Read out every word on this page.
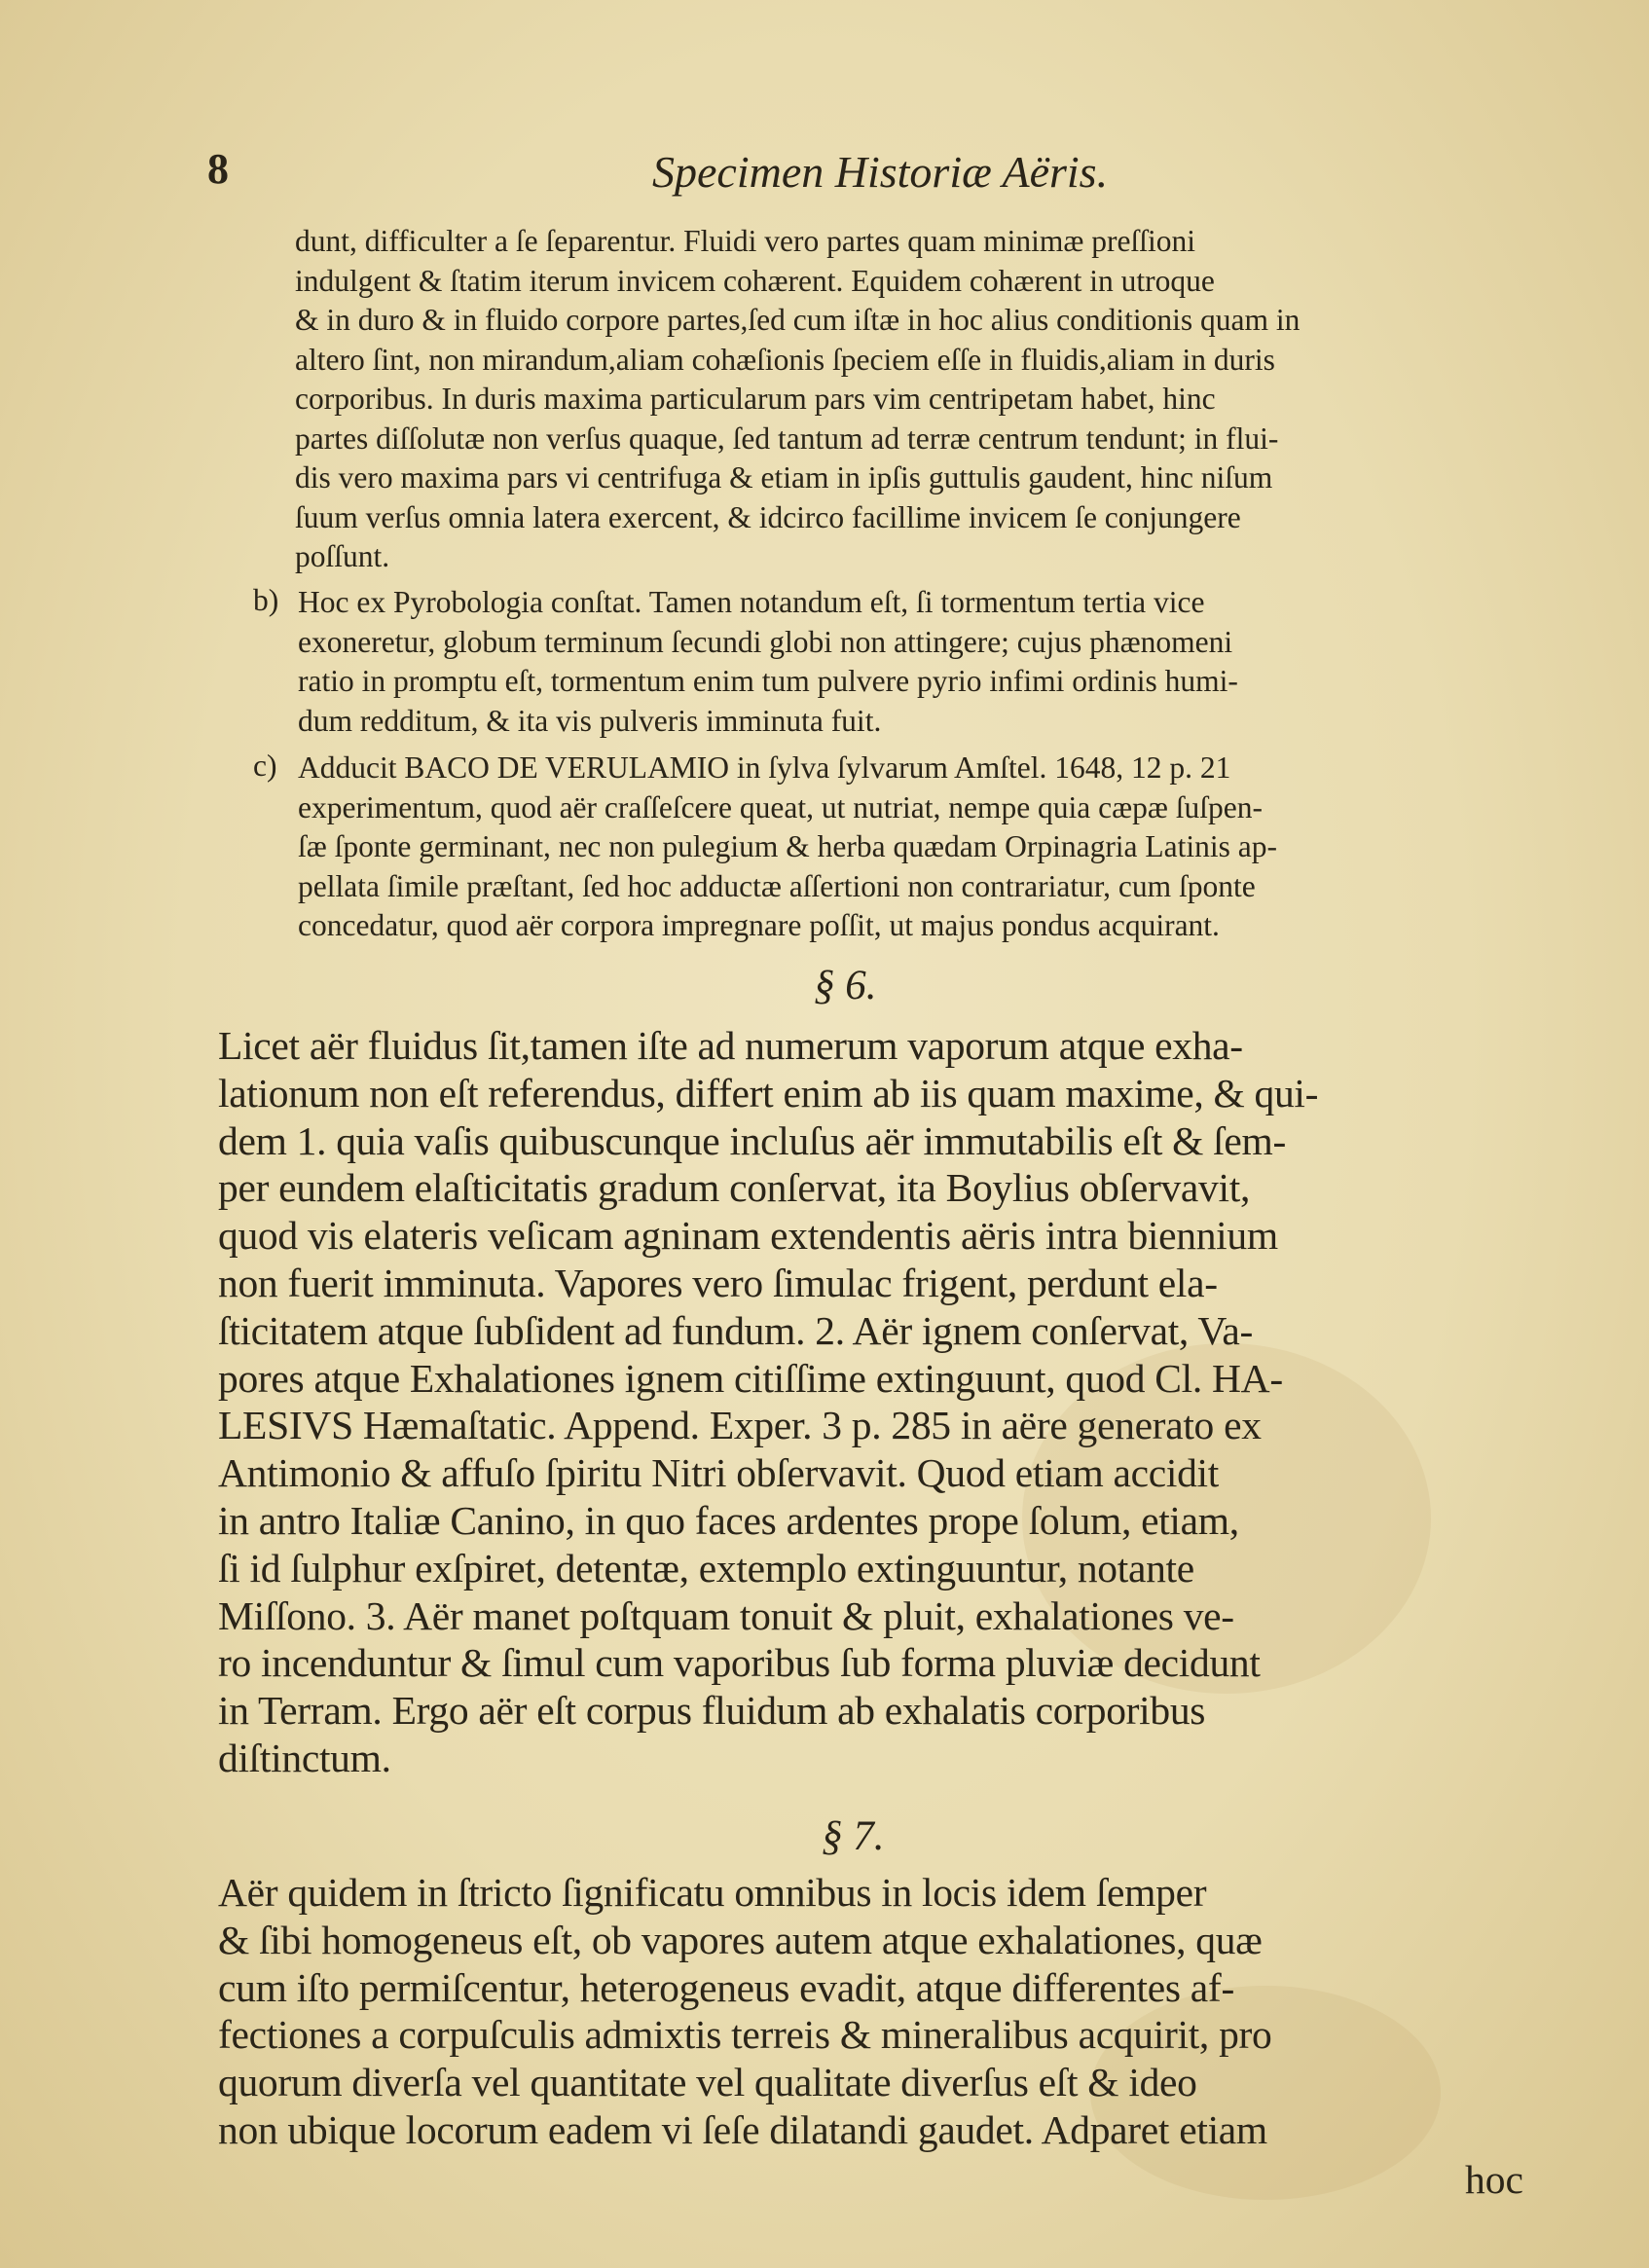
8	Specimen Historiæ Aëris.
dunt, difficulter a ſe ſeparentur. Fluidi vero partes quam minimæ preſſioni
indulgent & ſtatim iterum invicem cohærent. Equidem cohærent in utroque
& in duro & in fluido corpore partes,ſed cum iſtæ in hoc alius conditionis quam in
altero ſint, non mirandum,aliam cohæſionis ſpeciem eſſe in fluidis,aliam in duris
corporibus. In duris maxima particularum pars vim centripetam habet, hinc
partes diſſolutæ non verſus quaque, ſed tantum ad terræ centrum tendunt; in flui-
dis vero maxima pars vi centrifuga & etiam in ipſis guttulis gaudent, hinc niſum
ſuum verſus omnia latera exercent, & idcirco facillime invicem ſe conjungere
poſſunt.
b) Hoc ex Pyrobologia conſtat. Tamen notandum eſt, ſi tormentum tertia vice
exoneretur, globum terminum ſecundi globi non attingere; cujus phænomeni
ratio in promptu eſt, tormentum enim tum pulvere pyrio infimi ordinis humi-
dum redditum, & ita vis pulveris imminuta fuit.
c) Adducit BACO DE VERULAMIO in ſylva ſylvarum Amſtel. 1648, 12 p. 21
experimentum, quod aër craſſeſcere queat, ut nutriat, nempe quia cæpæ ſuſpen-
ſæ ſponte germinant, nec non pulegium & herba quædam Orpinagria Latinis ap-
pellata ſimile præſtant, ſed hoc adductæ aſſertioni non contrariatur, cum ſponte
concedatur, quod aër corpora impregnare poſſit, ut majus pondus acquirant.
§ 6.
Licet aër fluidus ſit,tamen iſte ad numerum vaporum atque exha-
lationum non eſt referendus, differt enim ab iis quam maxime, & qui-
dem 1. quia vaſis quibuscunque incluſus aër immutabilis eſt & ſem-
per eundem elaſticitatis gradum conſervat, ita Boylius obſervavit,
quod vis elateris veſicam agninam extendentis aëris intra biennium
non fuerit imminuta. Vapores vero ſimulac frigent, perdunt ela-
ſticitatem atque ſubſident ad fundum. 2. Aër ignem conſervat, Va-
pores atque Exhalationes ignem citiſſime extinguunt, quod Cl. HA-
LESIVS Hæmaſtatic. Append. Exper. 3 p. 285 in aëre generato ex
Antimonio & affuſo ſpiritu Nitri obſervavit. Quod etiam accidit
in antro Italiæ Canino, in quo faces ardentes prope ſolum, etiam,
ſi id ſulphur exſpiret, detentæ, extemplo extinguuntur, notante
Miſſono. 3. Aër manet poſtquam tonuit & pluit, exhalationes ve-
ro incenduntur & ſimul cum vaporibus ſub forma pluviæ decidunt
in Terram. Ergo aër eſt corpus fluidum ab exhalatis corporibus
diſtinctum.
§ 7.
Aër quidem in ſtricto ſignificatu omnibus in locis idem ſemper
& ſibi homogeneus eſt, ob vapores autem atque exhalationes, quæ
cum iſto permiſcentur, heterogeneus evadit, atque differentes af-
fectiones a corpuſculis admixtis terreis & mineralibus acquirit, pro
quorum diverſa vel quantitate vel qualitate diverſus eſt & ideo
non ubique locorum eadem vi ſeſe dilatandi gaudet. Adparet etiam
hoc
